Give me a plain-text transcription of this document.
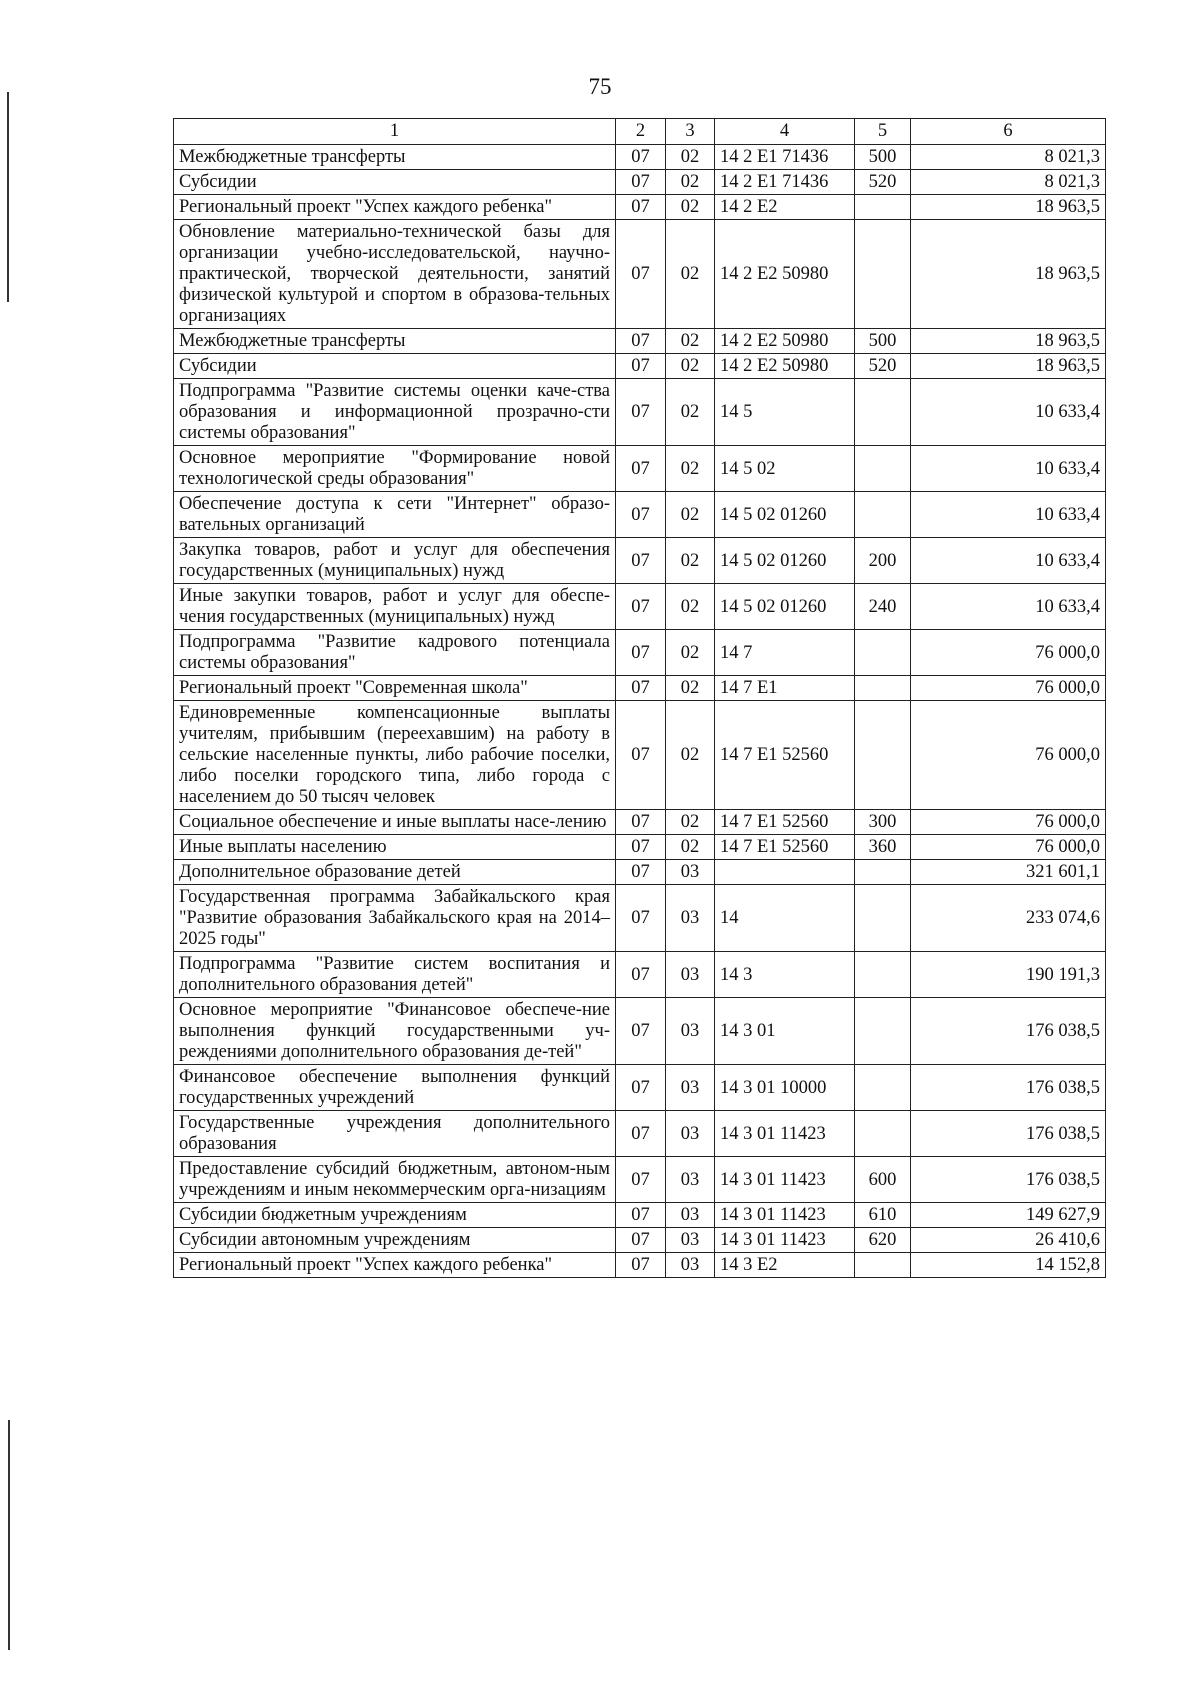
75
1	2	3	4	5	6
Межбюджетные трансферты	07	02	14 2 E1 71436	500	8 021,3
Субсидии	07	02	14 2 E1 71436	520	8 021,3
Региональный проект "Успех каждого ребенка"	07	02	14 2 E2		18 963,5
Обновление материально-технической базы для организации учебно-исследовательской, научно-практической, творческой деятельности, занятий физической культурой и спортом в образова-тельных организациях	07	02	14 2 E2 50980		18 963,5
Межбюджетные трансферты	07	02	14 2 E2 50980	500	18 963,5
Субсидии	07	02	14 2 E2 50980	520	18 963,5
Подпрограмма "Развитие системы оценки каче-ства образования и информационной прозрачно-сти системы образования"	07	02	14 5		10 633,4
Основное мероприятие "Формирование новой технологической среды образования"	07	02	14 5 02		10 633,4
Обеспечение доступа к сети "Интернет" образо-вательных организаций	07	02	14 5 02 01260		10 633,4
Закупка товаров, работ и услуг для обеспечения государственных (муниципальных) нужд	07	02	14 5 02 01260	200	10 633,4
Иные закупки товаров, работ и услуг для обеспе-чения государственных (муниципальных) нужд	07	02	14 5 02 01260	240	10 633,4
Подпрограмма "Развитие кадрового потенциала системы образования"	07	02	14 7		76 000,0
Региональный проект "Современная школа"	07	02	14 7 E1		76 000,0
Единовременные компенсационные выплаты учителям, прибывшим (переехавшим) на работу в сельские населенные пункты, либо рабочие поселки, либо поселки городского типа, либо города с населением до 50 тысяч человек	07	02	14 7 E1 52560		76 000,0
Социальное обеспечение и иные выплаты насе-лению	07	02	14 7 E1 52560	300	76 000,0
Иные выплаты населению	07	02	14 7 E1 52560	360	76 000,0
Дополнительное образование детей	07	03			321 601,1
Государственная программа Забайкальского края "Развитие образования Забайкальского края на 2014–2025 годы"	07	03	14		233 074,6
Подпрограмма "Развитие систем воспитания и дополнительного образования детей"	07	03	14 3		190 191,3
Основное мероприятие "Финансовое обеспече-ние выполнения функций государственными уч-реждениями дополнительного образования де-тей"	07	03	14 3 01		176 038,5
Финансовое обеспечение выполнения функций государственных учреждений	07	03	14 3 01 10000		176 038,5
Государственные учреждения дополнительного образования	07	03	14 3 01 11423		176 038,5
Предоставление субсидий бюджетным, автоном-ным учреждениям и иным некоммерческим орга-низациям	07	03	14 3 01 11423	600	176 038,5
Субсидии бюджетным учреждениям	07	03	14 3 01 11423	610	149 627,9
Субсидии автономным учреждениям	07	03	14 3 01 11423	620	26 410,6
Региональный проект "Успех каждого ребенка"	07	03	14 3 E2		14 152,8
